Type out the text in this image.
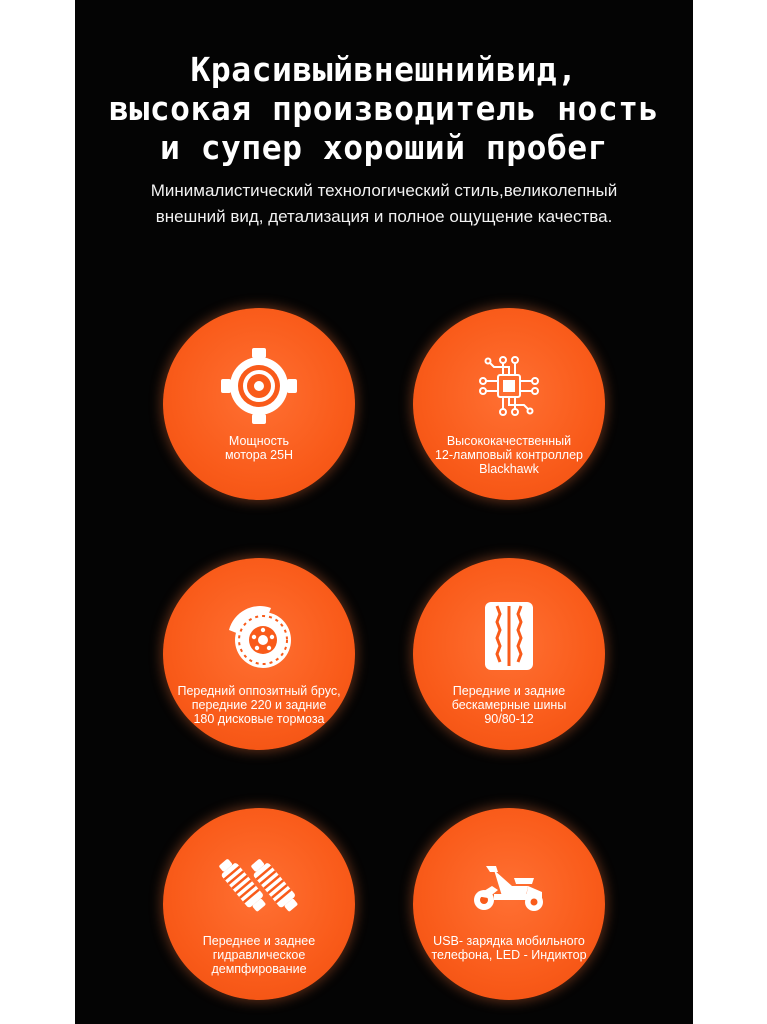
Красивыйвнешнийвид,
высокая производитель ность
и супер хороший пробег
Минималистический технологический стиль,великолепный
внешний вид, детализация и полное ощущение качества.
Мощность
мотора 25H
Высококачественный
12-ламповый контроллер
Blackhawk
Передний оппозитный брус,
передние 220 и задние
180 дисковые тормоза
Передние и задние
бескамерные шины
90/80-12
Переднее и заднее
гидравлическое
демпфирование
USB- зарядка мобильного
телефона, LED - Индиктор
